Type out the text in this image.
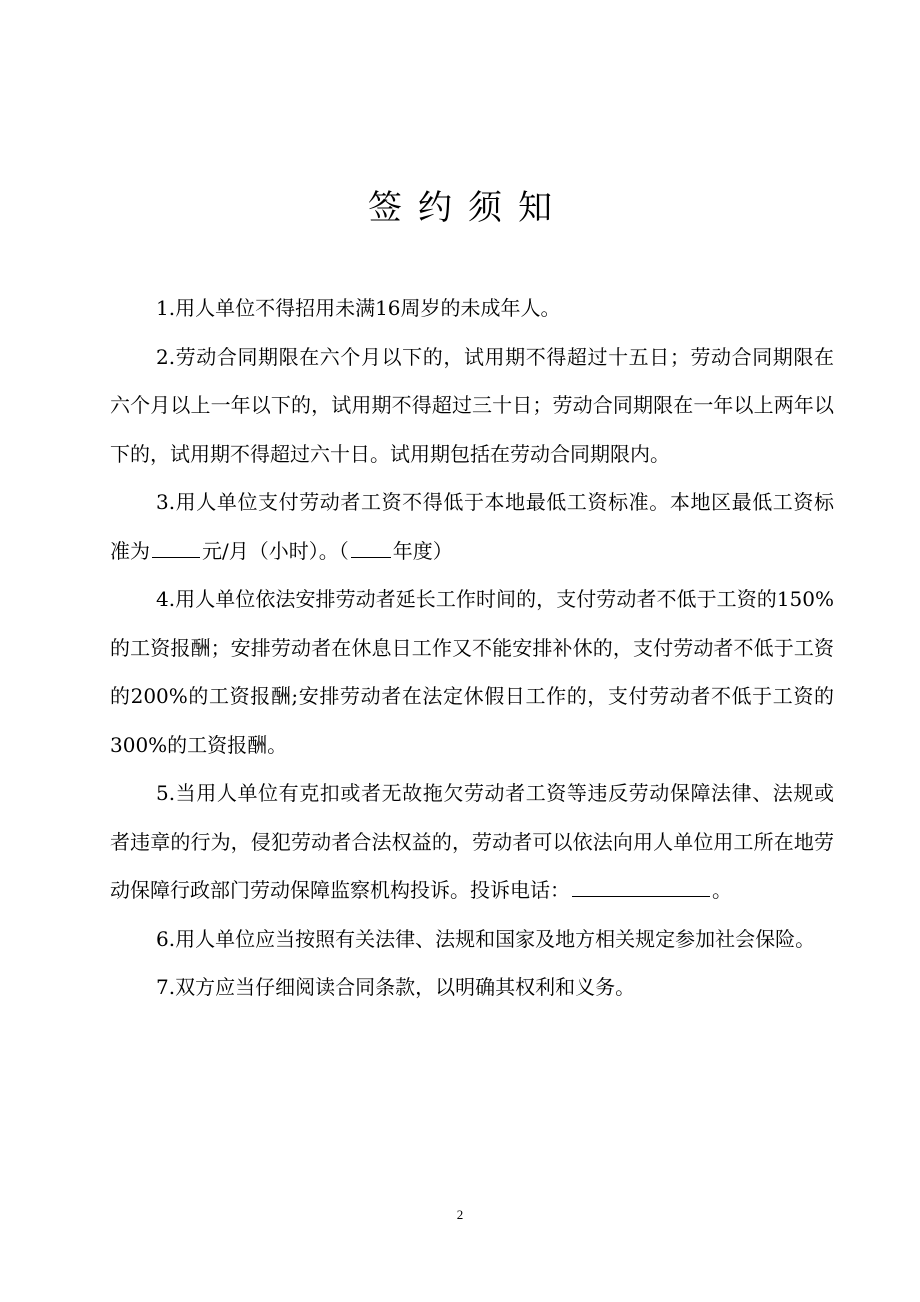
签约须知

1.用人单位不得招用未满16周岁的未成年人。

2.劳动合同期限在六个月以下的，试用期不得超过十五日；劳动合同期限在六个月以上一年以下的，试用期不得超过三十日；劳动合同期限在一年以上两年以下的，试用期不得超过六十日。试用期包括在劳动合同期限内。

3.用人单位支付劳动者工资不得低于本地最低工资标准。本地区最低工资标准为	元/月（小时）。（ 年度）

4.用人单位依法安排劳动者延长工作时间的，支付劳动者不低于工资的150%的工资报酬；安排劳动者在休息日工作又不能安排补休的，支付劳动者不低于工资的200%的工资报酬;安排劳动者在法定休假日工作的，支付劳动者不低于工资的300%的工资报酬。

5.当用人单位有克扣或者无故拖欠劳动者工资等违反劳动保障法律、法规或者违章的行为，侵犯劳动者合法权益的，劳动者可以依法向用人单位用工所在地劳动保障行政部门劳动保障监察机构投诉。投诉电话：	。

6.用人单位应当按照有关法律、法规和国家及地方相关规定参加社会保险。

7.双方应当仔细阅读合同条款，以明确其权利和义务。

2
